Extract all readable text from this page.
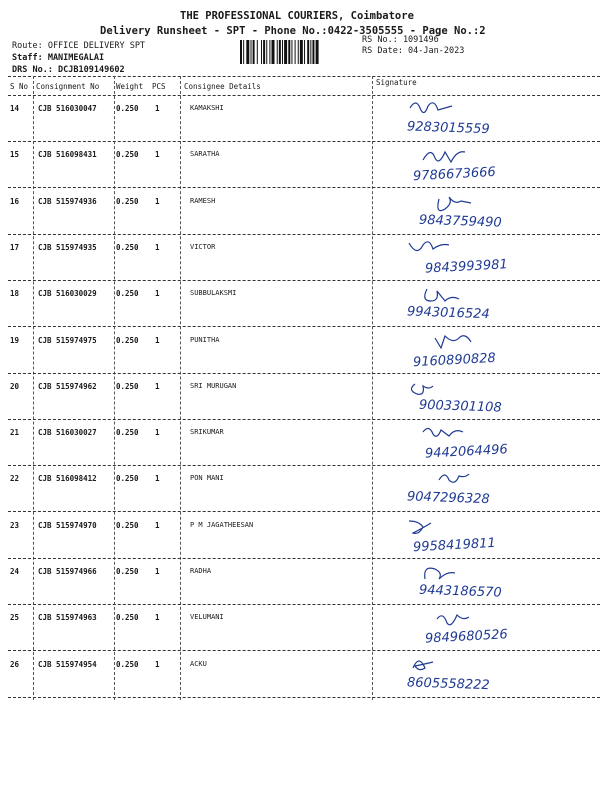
THE PROFESSIONAL COURIERS, Coimbatore
Delivery Runsheet - SPT - Phone No.:0422-3505555 - Page No.:2
Route: OFFICE DELIVERY SPT
Staff: MANIMEGALAI
DRS No.: DCJB109149602
RS No.: 1091496
RS Date: 04-Jan-2023
S No Consignment No Weight PCS Consignee Details	Signature
14	CJB 516030047	0.250 1	KAMAKSHI
9283015559
15	CJB 516098431	0.250 1	SARATHA
9786673666
16	CJB 515974936	0.250 1	RAMESH
9843759490
17	CJB 515974935	0.250 1	VICTOR
9843993981
18	CJB 516030029	0.250 1	SUBBULAKSMI
9943016524
19	CJB 515974975	0.250 1	PUNITHA
9160890828
20	CJB 515974962	0.250 1	SRI MURUGAN
9003301108
21	CJB 516030027	0.250 1	SRIKUMAR
9442064496
22	CJB 516098412	0.250 1	PON MANI
9047296328
23	CJB 515974970	0.250 1	P M JAGATHEESAN
9958419811
24	CJB 515974966	0.250 1	RADHA
9443186570
25	CJB 515974963	0.250 1	VELUMANI
9849680526
26	CJB 515974954	0.250 1	ACKU
8605558222
